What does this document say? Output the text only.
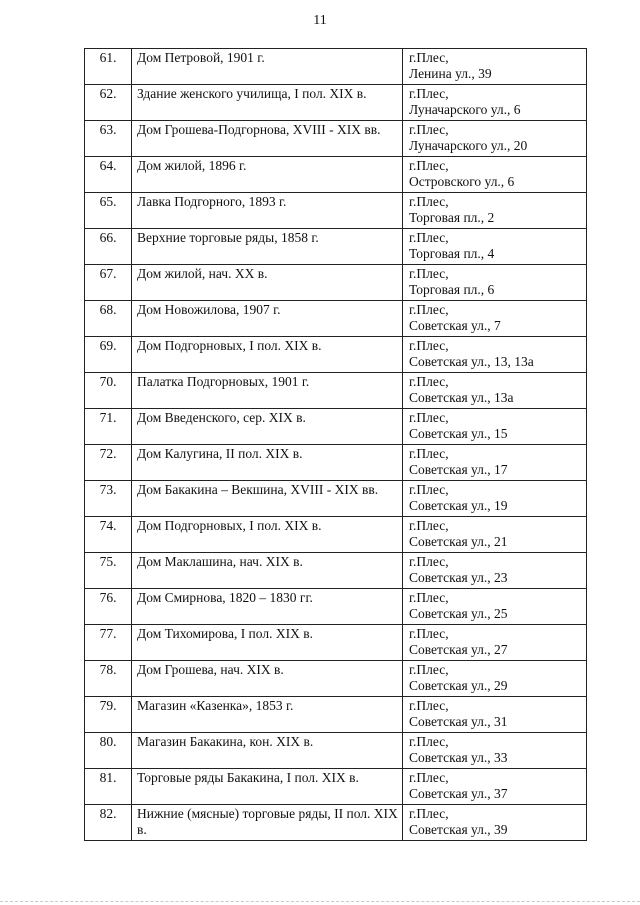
11
61.	Дом Петровой, 1901 г.	г.Плес,
Ленина ул., 39

62.	Здание женского училища, I пол. XIX в.	г.Плес,
Луначарского ул., 6

63.	Дом Грошева-Подгорнова, XVIII - XIX вв.	г.Плес,
Луначарского ул., 20

64.	Дом жилой, 1896 г.	г.Плес,
Островского ул., 6

65.	Лавка Подгорного, 1893 г.	г.Плес,
Торговая пл., 2

66.	Верхние торговые ряды, 1858 г.	г.Плес,
Торговая пл., 4

67.	Дом жилой, нач. XX в.	г.Плес,
Торговая пл., 6

68.	Дом Новожилова, 1907 г.	г.Плес,
Советская ул., 7

69.	Дом Подгорновых, I пол. XIX в.	г.Плес,
Советская ул., 13, 13а

70.	Палатка Подгорновых, 1901 г.	г.Плес,
Советская ул., 13а

71.	Дом Введенского, сер. XIX в.	г.Плес,
Советская ул., 15

72.	Дом Калугина, II пол. XIX в.	г.Плес,
Советская ул., 17

73.	Дом Бакакина – Векшина, XVIII - XIX вв.	г.Плес,
Советская ул., 19

74.	Дом Подгорновых, I пол. XIX в.	г.Плес,
Советская ул., 21

75.	Дом Маклашина, нач. XIX в.	г.Плес,
Советская ул., 23

76.	Дом Смирнова, 1820 – 1830 гг.	г.Плес,
Советская ул., 25

77.	Дом Тихомирова, I пол. XIX в.	г.Плес,
Советская ул., 27

78.	Дом Грошева, нач. XIX в.	г.Плес,
Советская ул., 29

79.	Магазин «Казенка», 1853 г.	г.Плес,
Советская ул., 31

80.	Магазин Бакакина, кон. XIX в.	г.Плес,
Советская ул., 33

81.	Торговые ряды Бакакина, I пол. XIX в.	г.Плес,
Советская ул., 37

82.	Нижние (мясные) торговые ряды, II пол. XIX в.	г.Плес,
Советская ул., 39
